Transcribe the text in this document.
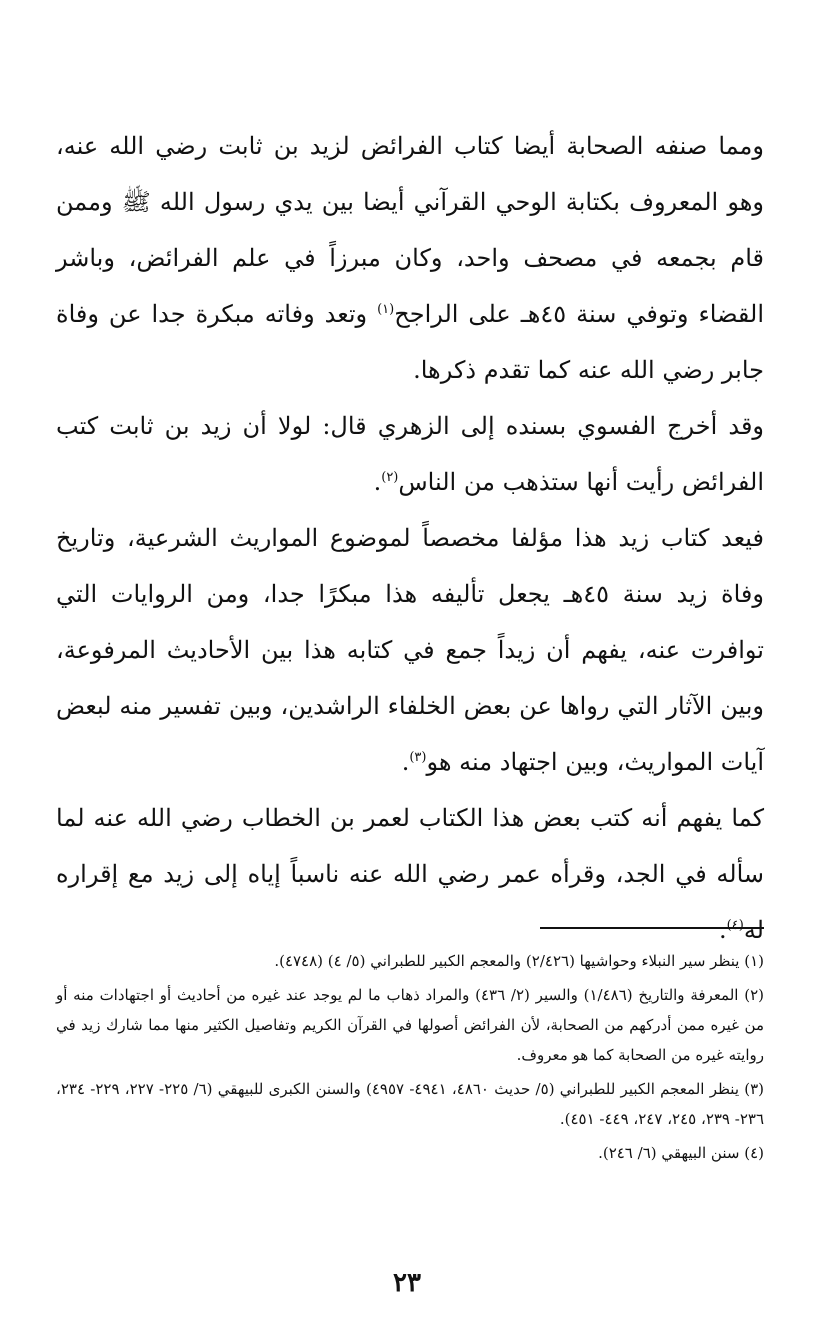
ومما صنفه الصحابة أيضا كتاب الفرائض لزيد بن ثابت رضي الله عنه، وهو المعروف بكتابة الوحي القرآني أيضا بين يدي رسول الله ﷺ وممن قام بجمعه في مصحف واحد، وكان مبرزاً في علم الفرائض، وباشر القضاء وتوفي سنة ٤٥هـ على الراجح$^{(١)}$ وتعد وفاته مبكرة جدا عن وفاة جابر رضي الله عنه كما تقدم ذكرها.

وقد أخرج الفسوي بسنده إلى الزهري قال: لولا أن زيد بن ثابت كتب الفرائض رأيت أنها ستذهب من الناس$^{(٢)}$.

فيعد كتاب زيد هذا مؤلفا مخصصاً لموضوع المواريث الشرعية، وتاريخ وفاة زيد سنة ٤٥هـ يجعل تأليفه هذا مبكرًا جدا، ومن الروايات التي توافرت عنه، يفهم أن زيداً جمع في كتابه هذا بين الأحاديث المرفوعة، وبين الآثار التي رواها عن بعض الخلفاء الراشدين، وبين تفسير منه لبعض آيات المواريث، وبين اجتهاد منه هو$^{(٣)}$.

كما يفهم أنه كتب بعض هذا الكتاب لعمر بن الخطاب رضي الله عنه لما سأله في الجد، وقرأه عمر رضي الله عنه ناسباً إياه إلى زيد مع إقراره له$^{(٤)}$.

(١) ينظر سير النبلاء وحواشيها (٢/٤٢٦) والمعجم الكبير للطبراني (٥/ ٤) (٤٧٤٨).

(٢) المعرفة والتاريخ (١/٤٨٦) والسير (٢/ ٤٣٦) والمراد ذهاب ما لم يوجد عند غيره من أحاديث أو اجتهادات منه أو من غيره ممن أدركهم من الصحابة، لأن الفرائض أصولها في القرآن الكريم وتفاصيل الكثير منها مما شارك زيد في روايته غيره من الصحابة كما هو معروف.

(٣) ينظر المعجم الكبير للطبراني (٥/ حديث ٤٨٦٠، ٤٩٤١- ٤٩٥٧) والسنن الكبرى للبيهقي (٦/ ٢٢٥- ٢٢٧، ٢٢٩- ٢٣٤، ٢٣٦- ٢٣٩، ٢٤٥، ٢٤٧، ٤٤٩- ٤٥١).

(٤) سنن البيهقي (٦/ ٢٤٦).

٢٣
